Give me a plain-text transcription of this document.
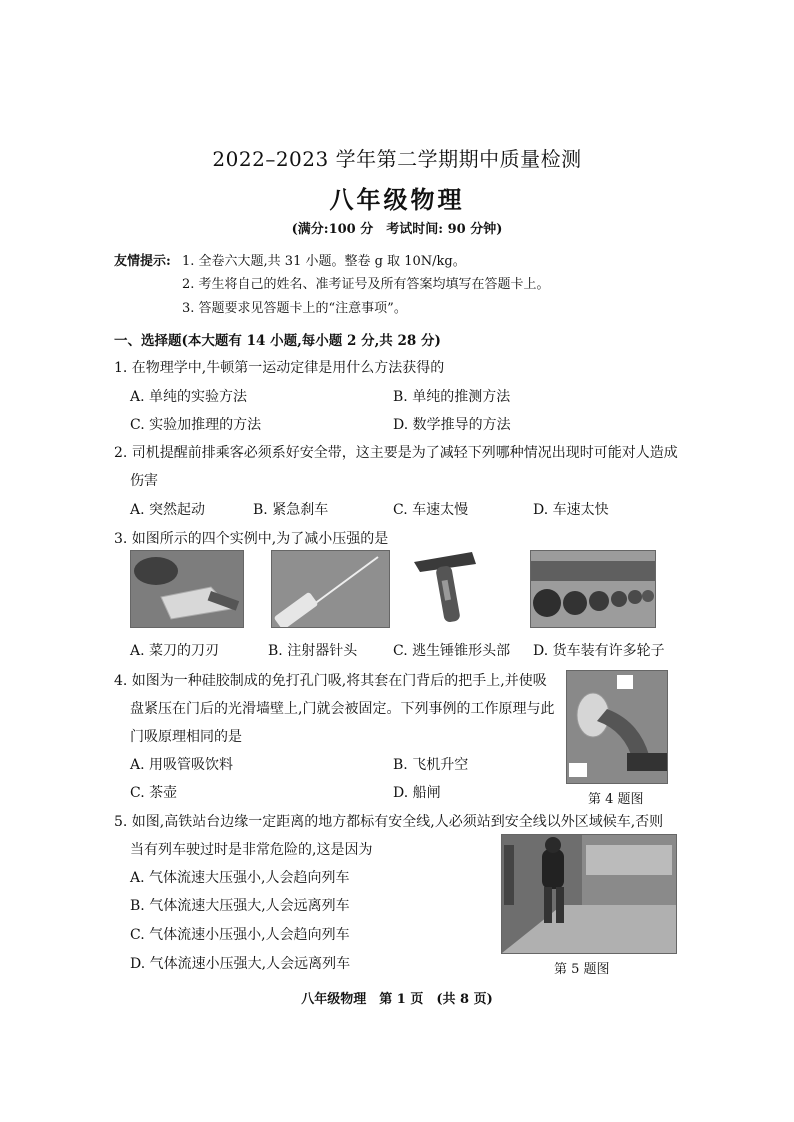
2022–2023 学年第二学期期中质量检测
八年级物理
(满分:100 分　考试时间: 90 分钟)
友情提示: 1. 全卷六大题,共 31 小题。整卷 g 取 10N/kg。
2. 考生将自己的姓名、准考证号及所有答案均填写在答题卡上。
3. 答题要求见答题卡上的“注意事项”。
一、选择题(本大题有 14 小题,每小题 2 分,共 28 分)
1. 在物理学中,牛顿第一运动定律是用什么方法获得的
A. 单纯的实验方法	B. 单纯的推测方法
C. 实验加推理的方法	D. 数学推导的方法
2. 司机提醒前排乘客必须系好安全带，这主要是为了减轻下列哪种情况出现时可能对人造成
伤害
A. 突然起动	B. 紧急刹车	C. 车速太慢	D. 车速太快
3. 如图所示的四个实例中,为了减小压强的是
A. 菜刀的刀刃	B. 注射器针头	C. 逃生锤锥形头部 D. 货车装有许多轮子
4. 如图为一种硅胶制成的免打孔门吸,将其套在门背后的把手上,并使吸
盘紧压在门后的光滑墙壁上,门就会被固定。下列事例的工作原理与此
门吸原理相同的是
A. 用吸管吸饮料	B. 飞机升空
C. 茶壶	D. 船闸	第 4 题图
5. 如图,高铁站台边缘一定距离的地方都标有安全线,人必须站到安全线以外区域候车,否则
当有列车驶过时是非常危险的,这是因为
A. 气体流速大压强小,人会趋向列车
B. 气体流速大压强大,人会远离列车
C. 气体流速小压强小,人会趋向列车
D. 气体流速小压强大,人会远离列车	第 5 题图
八年级物理　第 1 页　(共 8 页)
